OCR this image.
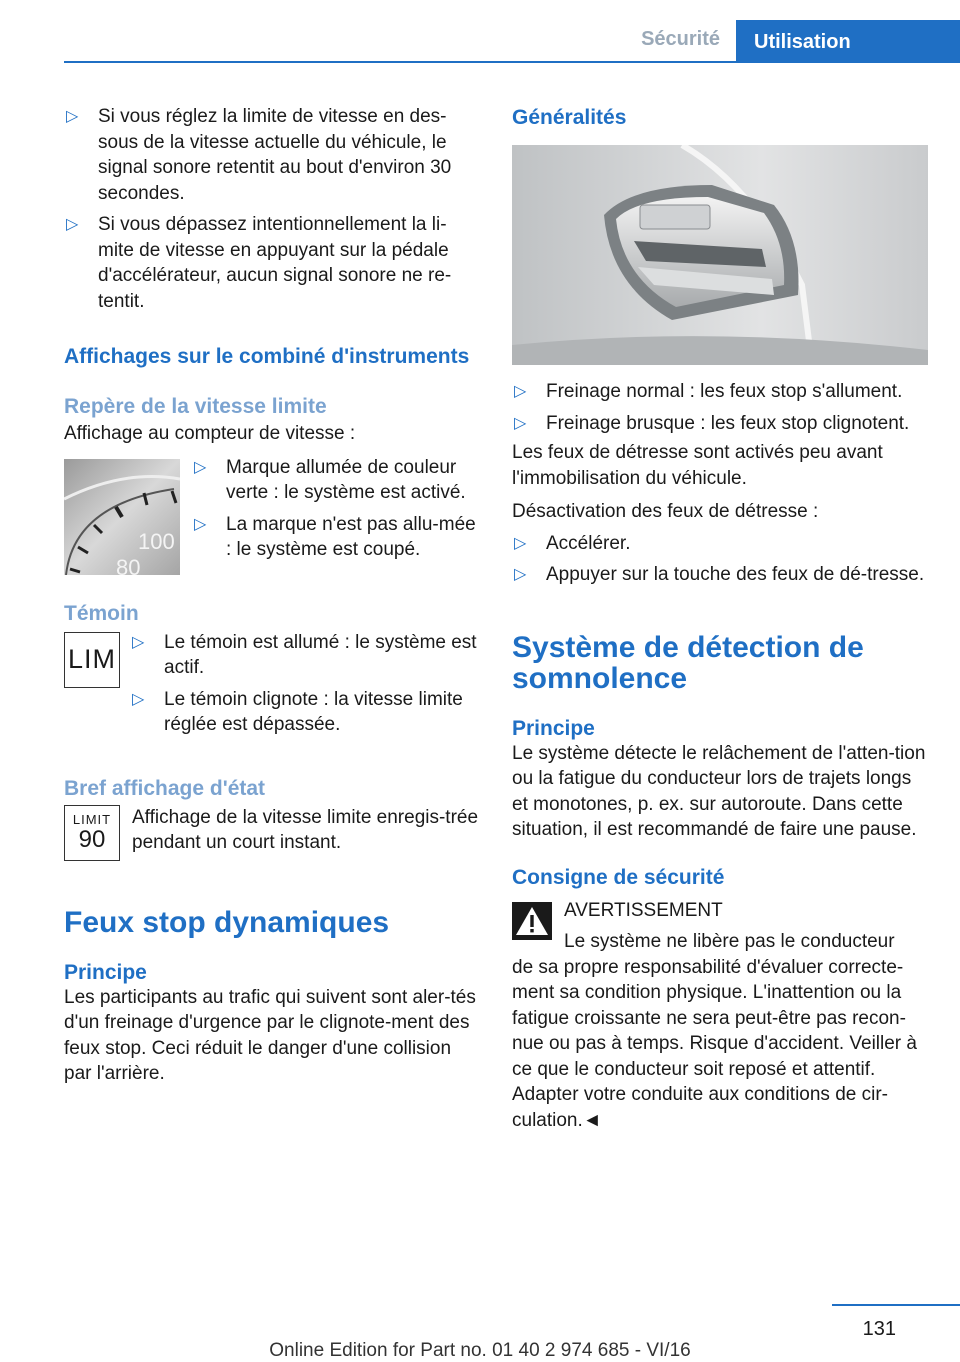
Sécurité	Utilisation
▷ Si vous réglez la limite de vitesse en des-sous de la vitesse actuelle du véhicule, le signal sonore retentit au bout d'environ 30 secondes.
▷ Si vous dépassez intentionnellement la li-mite de vitesse en appuyant sur la pédale d'accélérateur, aucun signal sonore ne re-tentit.
Affichages sur le combiné d'instruments
Repère de la vitesse limite

Affichage au compteur de vitesse :

100
80
▷ Marque allumée de couleur verte : le système est activé.
▷ La marque n'est pas allu-mée : le système est coupé.
Témoin
LIM
▷ Le témoin est allumé : le système est actif.
▷ Le témoin clignote : la vitesse limite réglée est dépassée.
Bref affichage d'état
LIMIT
90

Affichage de la vitesse limite enregis-trée pendant un court instant.

Feux stop dynamiques
Principe

Les participants au trafic qui suivent sont aler-tés d'un freinage d'urgence par le clignote-ment des feux stop. Ceci réduit le danger d'une collision par l'arrière.

Généralités
▷ Freinage normal : les feux stop s'allument.
▷ Freinage brusque : les feux stop clignotent.

Les feux de détresse sont activés peu avant l'immobilisation du véhicule.

Désactivation des feux de détresse :

▷ Accélérer.
▷ Appuyer sur la touche des feux de dé-tresse.
Système de détection de somnolence
Principe

Le système détecte le relâchement de l'atten-tion ou la fatigue du conducteur lors de trajets longs et monotones, p. ex. sur autoroute. Dans cette situation, il est recommandé de faire une pause.

Consigne de sécurité

AVERTISSEMENT

Le système ne libère pas le conducteur

de sa propre responsabilité d'évaluer correcte-ment sa condition physique. L'inattention ou la fatigue croissante ne sera peut-être pas recon-nue ou pas à temps. Risque d'accident. Veiller à ce que le conducteur soit reposé et attentif. Adapter votre conduite aux conditions de cir-culation.◄

131
Online Edition for Part no. 01 40 2 974 685 - VI/16
